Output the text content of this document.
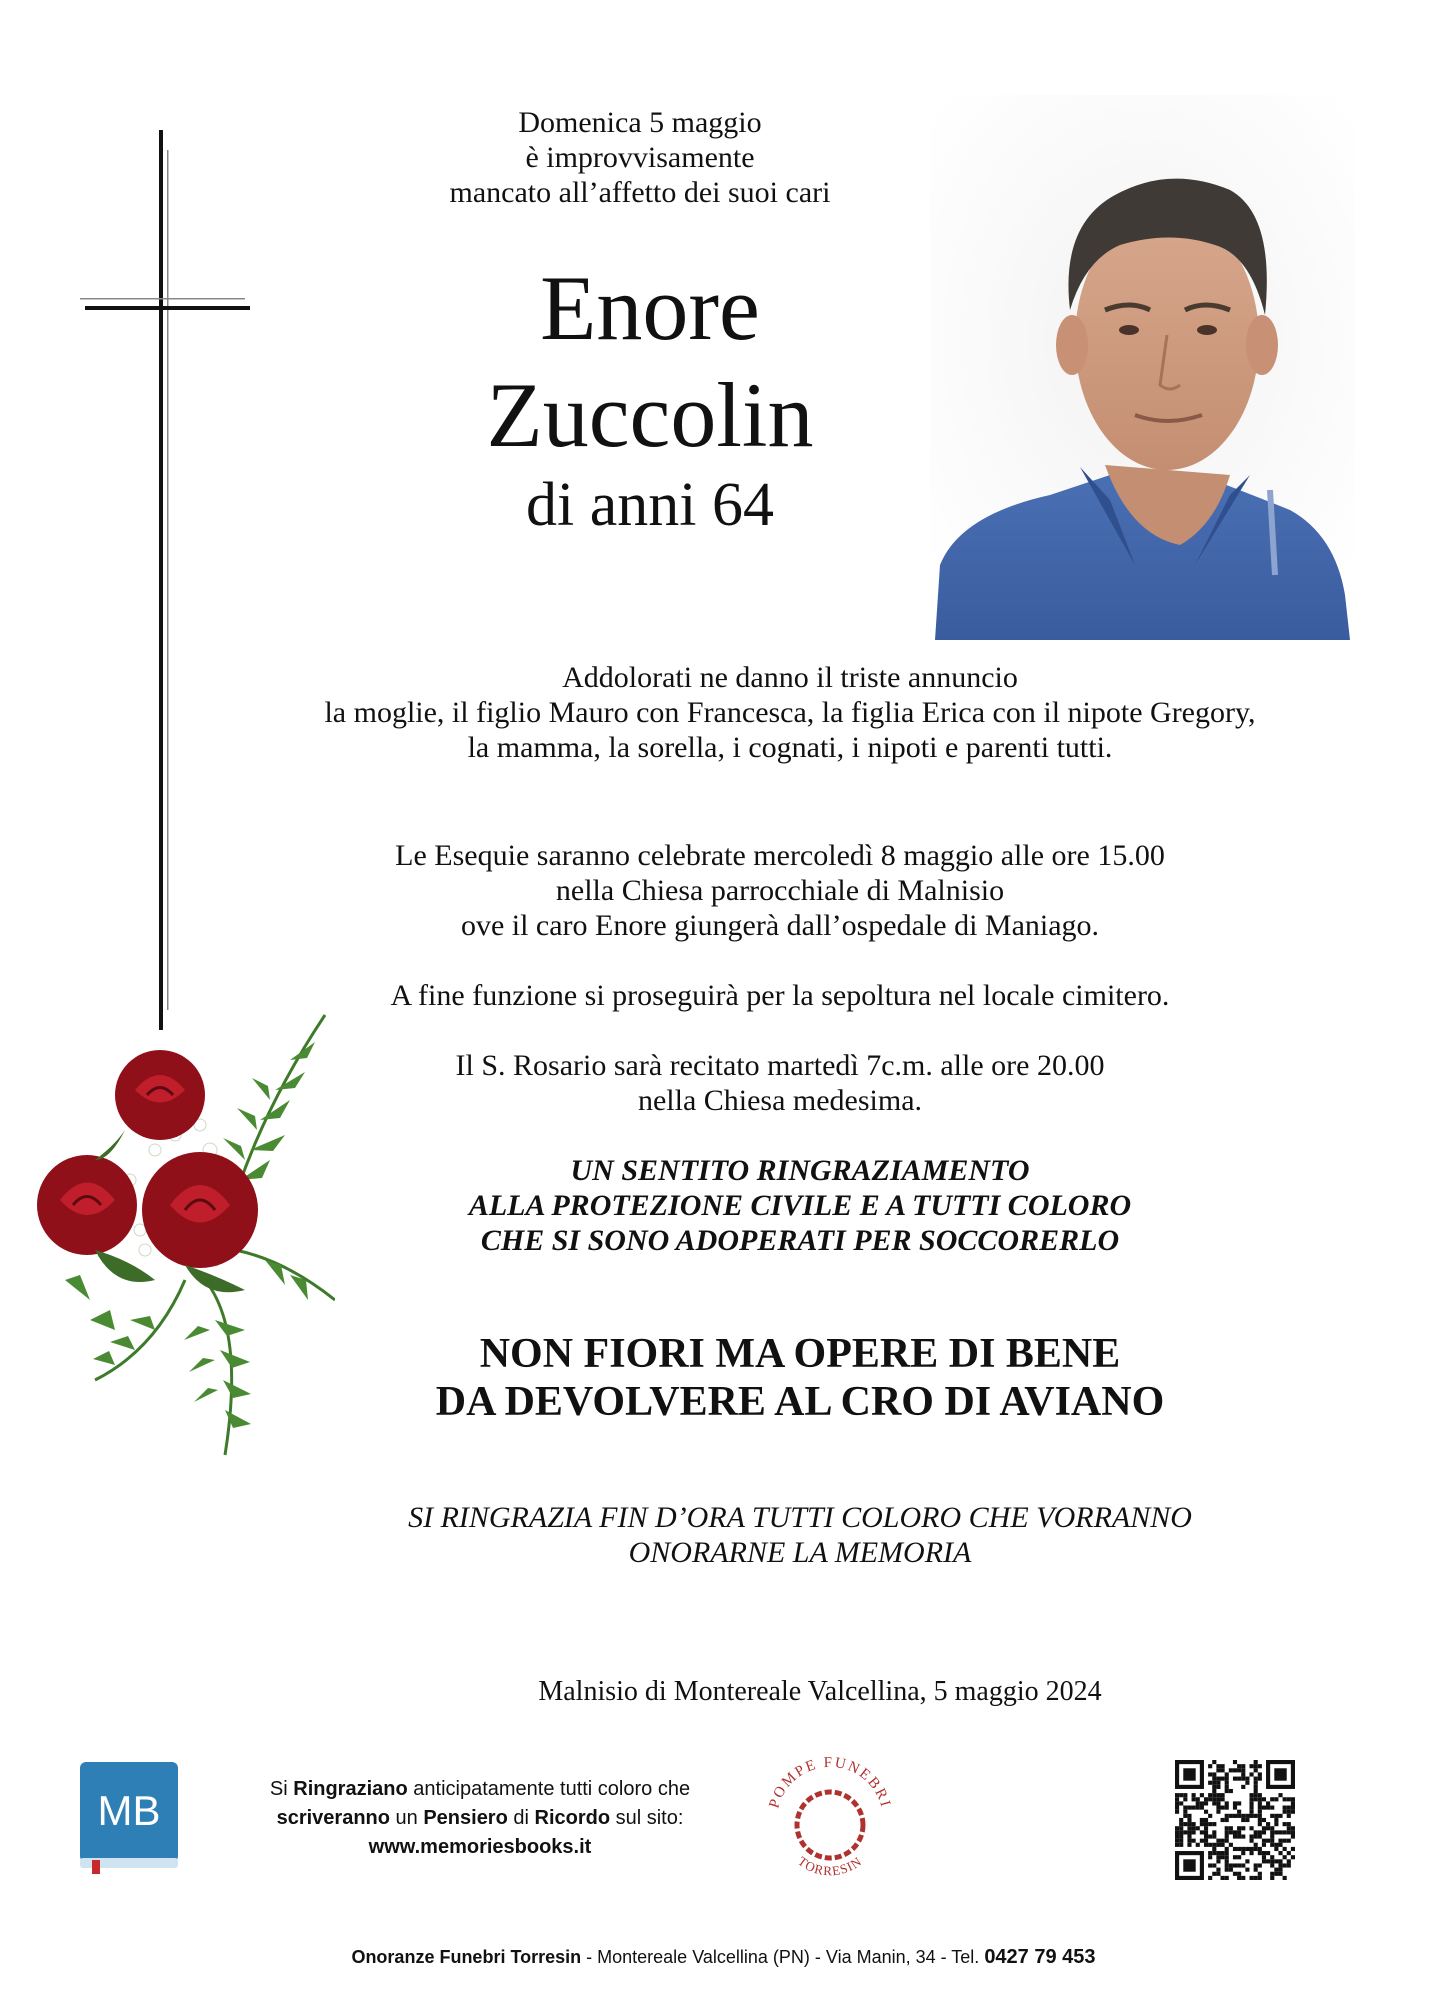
Domenica 5 maggio
è improvvisamente
mancato all’affetto dei suoi cari
Enore
Zuccolin
di anni 64
Addolorati ne danno il triste annuncio
la moglie, il figlio Mauro con Francesca, la figlia Erica con il nipote Gregory,
la mamma, la sorella, i cognati, i nipoti e parenti tutti.
Le Esequie saranno celebrate mercoledì 8 maggio alle ore 15.00
nella Chiesa parrocchiale di Malnisio
ove il caro Enore giungerà dall’ospedale di Maniago.
A fine funzione si proseguirà per la sepoltura nel locale cimitero.
Il S. Rosario sarà recitato martedì 7c.m. alle ore 20.00
nella Chiesa medesima.
UN SENTITO RINGRAZIAMENTO
ALLA PROTEZIONE CIVILE E A TUTTI COLORO
CHE SI SONO ADOPERATI PER SOCCORERLO
NON FIORI MA OPERE DI BENE
DA DEVOLVERE AL CRO DI AVIANO
SI RINGRAZIA FIN D’ORA TUTTI COLORO CHE VORRANNO
ONORARNE LA MEMORIA
Malnisio di Montereale Valcellina, 5 maggio 2024
MB	Si Ringraziano anticipatamente tutti coloro che
scriveranno un Pensiero di Ricordo sul sito:
www.memoriesbooks.it
POMPE FUNEBRI
TORRESIN
Onoranze Funebri Torresin - Montereale Valcellina (PN) - Via Manin, 34 - Tel. 0427 79 453
